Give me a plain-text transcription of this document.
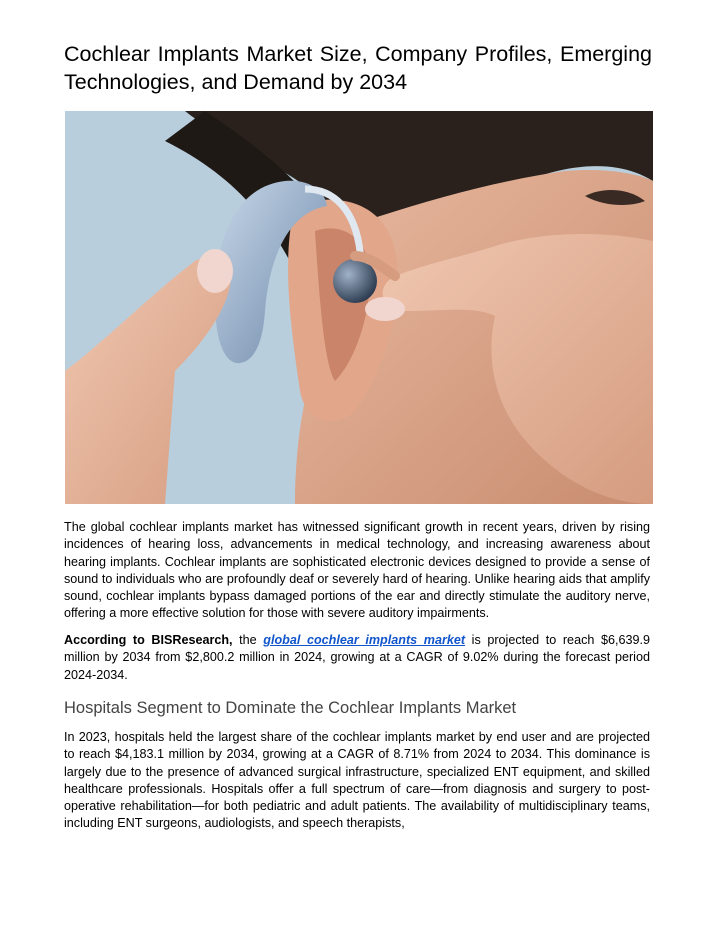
Cochlear Implants Market Size, Company Profiles, Emerging Technologies, and Demand by 2034

The global cochlear implants market has witnessed significant growth in recent years, driven by rising incidences of hearing loss, advancements in medical technology, and increasing awareness about hearing implants. Cochlear implants are sophisticated electronic devices designed to provide a sense of sound to individuals who are profoundly deaf or severely hard of hearing. Unlike hearing aids that amplify sound, cochlear implants bypass damaged portions of the ear and directly stimulate the auditory nerve, offering a more effective solution for those with severe auditory impairments.

According to BISResearch, the global cochlear implants market is projected to reach $6,639.9 million by 2034 from $2,800.2 million in 2024, growing at a CAGR of 9.02% during the forecast period 2024-2034.

Hospitals Segment to Dominate the Cochlear Implants Market

In 2023, hospitals held the largest share of the cochlear implants market by end user and are projected to reach $4,183.1 million by 2034, growing at a CAGR of 8.71% from 2024 to 2034. This dominance is largely due to the presence of advanced surgical infrastructure, specialized ENT equipment, and skilled healthcare professionals. Hospitals offer a full spectrum of care—from diagnosis and surgery to post-operative rehabilitation—for both pediatric and adult patients. The availability of multidisciplinary teams, including ENT surgeons, audiologists, and speech therapists,
